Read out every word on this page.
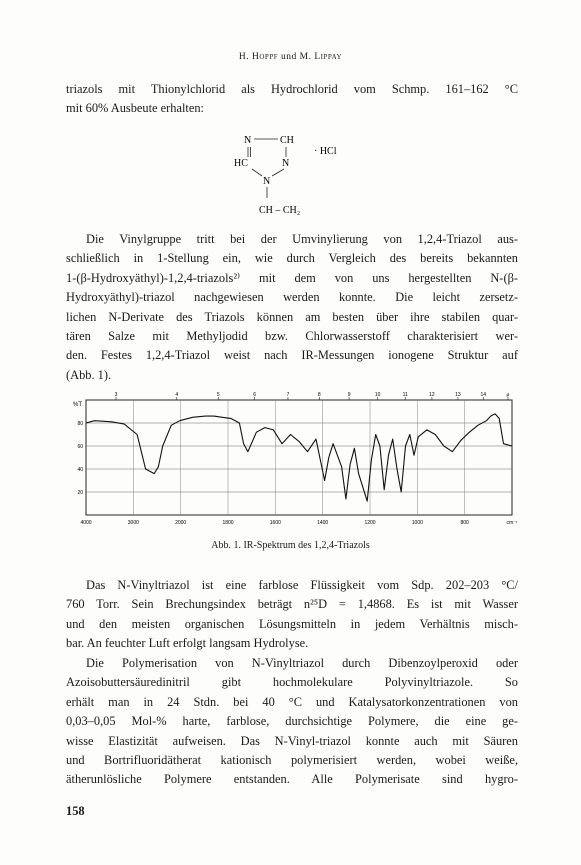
H. Hoppf und M. Lippay
triazols mit Thionylchlorid als Hydrochlorid vom Schmp. 161–162 °C
mit 60% Ausbeute erhalten:
N	CH
· HCl
HC	N
N
CH – CH₂
Die Vinylgruppe tritt bei der Umvinylierung von 1,2,4-Triazol aus-
schließlich in 1-Stellung ein, wie durch Vergleich des bereits bekannten
1-(β-Hydroxyäthyl)-1,2,4-triazols²⁾ mit dem von uns hergestellten N-(β-
Hydroxyäthyl)-triazol nachgewiesen werden konnte. Die leicht zersetz-
lichen N-Derivate des Triazols können am besten über ihre stabilen quar-
tären Salze mit Methyljodid bzw. Chlorwasserstoff charakterisiert wer-
den. Festes 1,2,4-Triazol weist nach IR-Messungen ionogene Struktur auf
(Abb. 1).
80
60
40
20
%T
4000	3000	2000	1800	1600	1400	1200	1000	800	cm⁻¹
3	4	5	6	7	8	9	10	11	12	13	14	μ
Abb. 1. IR-Spektrum des 1,2,4-Triazols
Das N-Vinyltriazol ist eine farblose Flüssigkeit vom Sdp. 202–203 °C/
760 Torr. Sein Brechungsindex beträgt n²⁵D = 1,4868. Es ist mit Wasser
und den meisten organischen Lösungsmitteln in jedem Verhältnis misch-
bar. An feuchter Luft erfolgt langsam Hydrolyse.
Die Polymerisation von N-Vinyltriazol durch Dibenzoylperoxid oder
Azoisobuttersäuredinitril gibt hochmolekulare Polyvinyltriazole. So
erhält man in 24 Stdn. bei 40 °C und Katalysatorkonzentrationen von
0,03–0,05 Mol-% harte, farblose, durchsichtige Polymere, die eine ge-
wisse Elastizität aufweisen. Das N-Vinyl-triazol konnte auch mit Säuren
und Bortrifluoridätherat kationisch polymerisiert werden, wobei weiße,
ätherunlösliche Polymere entstanden. Alle Polymerisate sind hygro-
158
